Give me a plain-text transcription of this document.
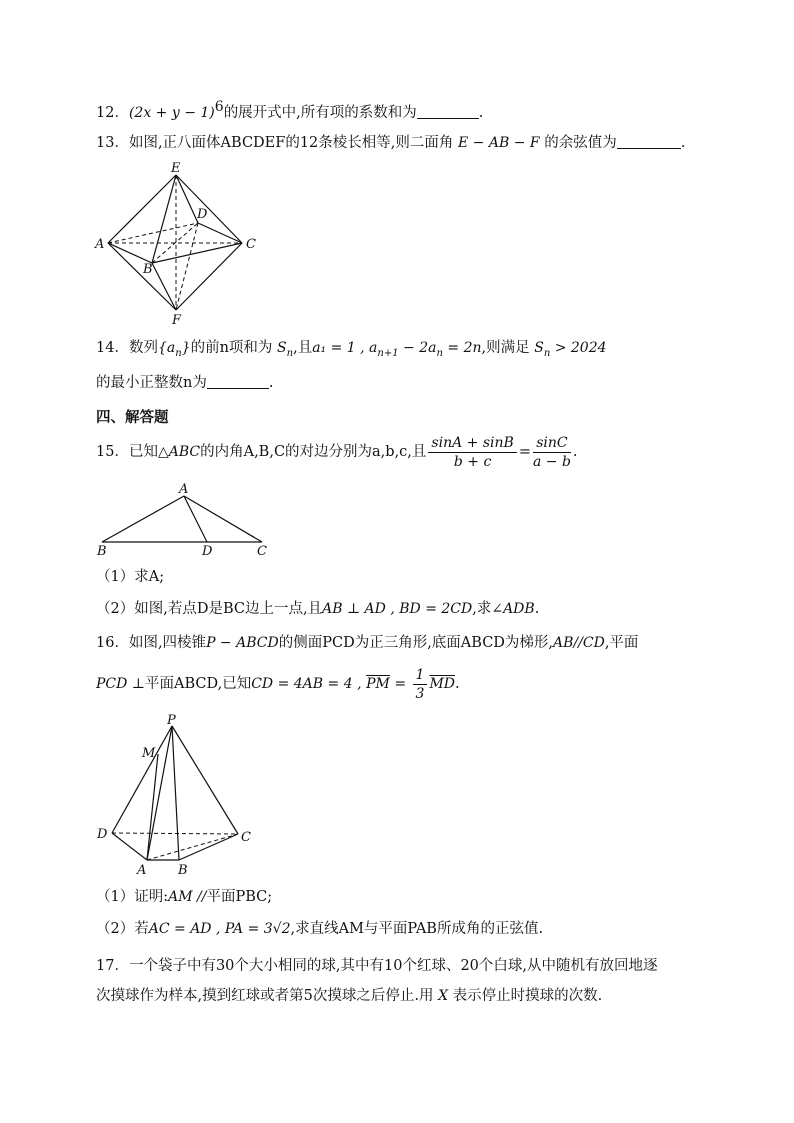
12．$(2x + y - 1)^6$的展开式中,所有项的系数和为	.
13．如图,正八面体ABCDEF的12条棱长相等,则二面角 E − AB − F 的余弦值为	.
E
D
A	C
B
F
14．数列$\{a_n\}$的前n项和为 $S_n$,且a₁ = 1 , $a_{n+1} - 2a_n = 2n$,则满足 $S_n > 2024$
的最小正整数n为	.
四、解答题
15．已知△ABC的内角A,B,C的对边分别为a,b,c,且 $\frac{\sin A + \sin B}{b + c} = \frac{\sin C}{a - b}$ .
A
B	D	C
（1）求A;
（2）如图,若点D是BC边上一点,且AB ⊥ AD , BD = 2CD,求∠ADB.
16．如图,四棱锥P − ABCD的侧面PCD为正三角形,底面ABCD为梯形,AB//CD,平面
PCD ⊥平面ABCD,已知CD = 4AB = 4 , $\overline{PM} = \frac{1}{3} \overline{MD}$.
P
M
D	C
A B
（1）证明:AM //平面PBC;
（2）若AC = AD , PA = 3√2,求直线AM与平面PAB所成角的正弦值.
17．一个袋子中有30个大小相同的球,其中有10个红球、20个白球,从中随机有放回地逐
次摸球作为样本,摸到红球或者第5次摸球之后停止.用 X 表示停止时摸球的次数.
